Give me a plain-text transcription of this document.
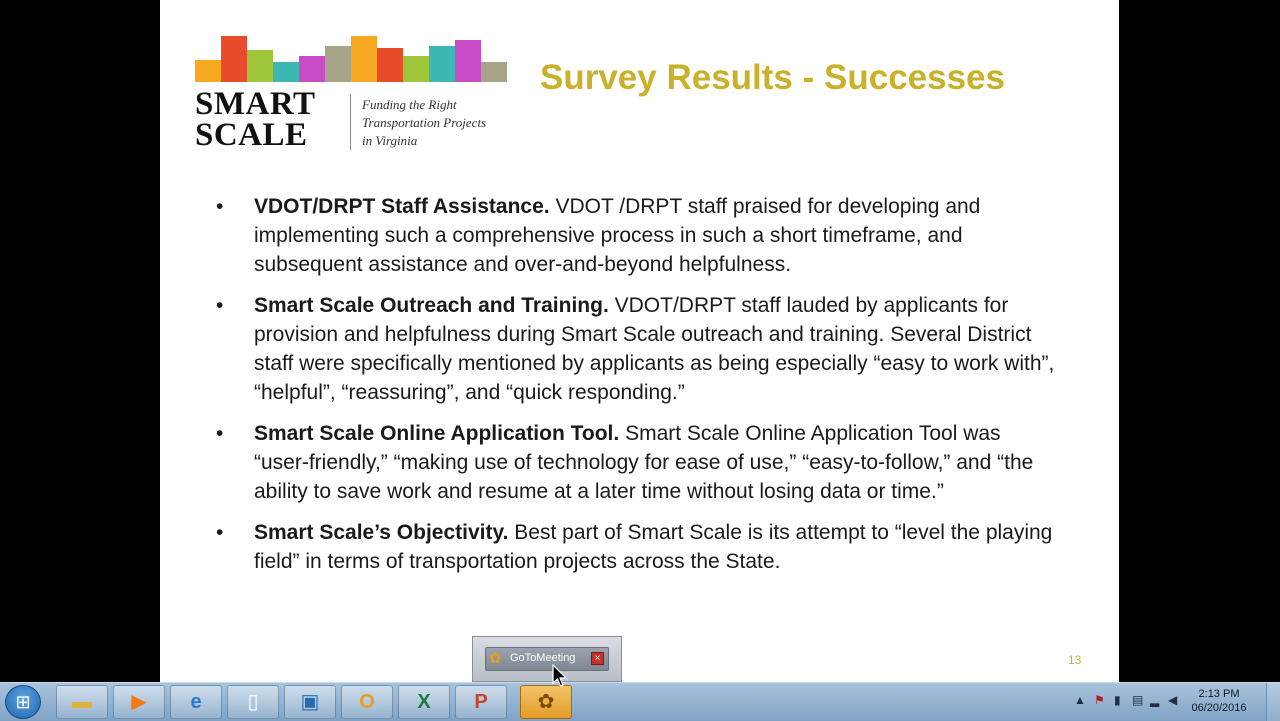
SMART
SCALE
Funding the Right
Transportation Projects
in Virginia
Survey Results - Successes
• VDOT/DRPT Staff Assistance. VDOT /DRPT staff praised for developing and implementing such a comprehensive process in such a short timeframe, and subsequent assistance and over-and-beyond helpfulness.
• Smart Scale Outreach and Training. VDOT/DRPT staff lauded by applicants for provision and helpfulness during Smart Scale outreach and training. Several District staff were specifically mentioned by applicants as being especially “easy to work with”, “helpful”, “reassuring”, and “quick responding.”
• Smart Scale Online Application Tool. Smart Scale Online Application Tool was “user-friendly,” “making use of technology for ease of use,” “easy-to-follow,” and “the ability to save work and resume at a later time without losing data or time.”
• Smart Scale’s Objectivity. Best part of Smart Scale is its attempt to “level the playing field” in terms of transportation projects across the State.
13
✿ GoToMeeting	×
⊞	▬	▶	e	▯	▣	O	X	P	✿	▲ ⚑ ▮ ▤ ▂ ◀	2:13 PM
06/20/2016
